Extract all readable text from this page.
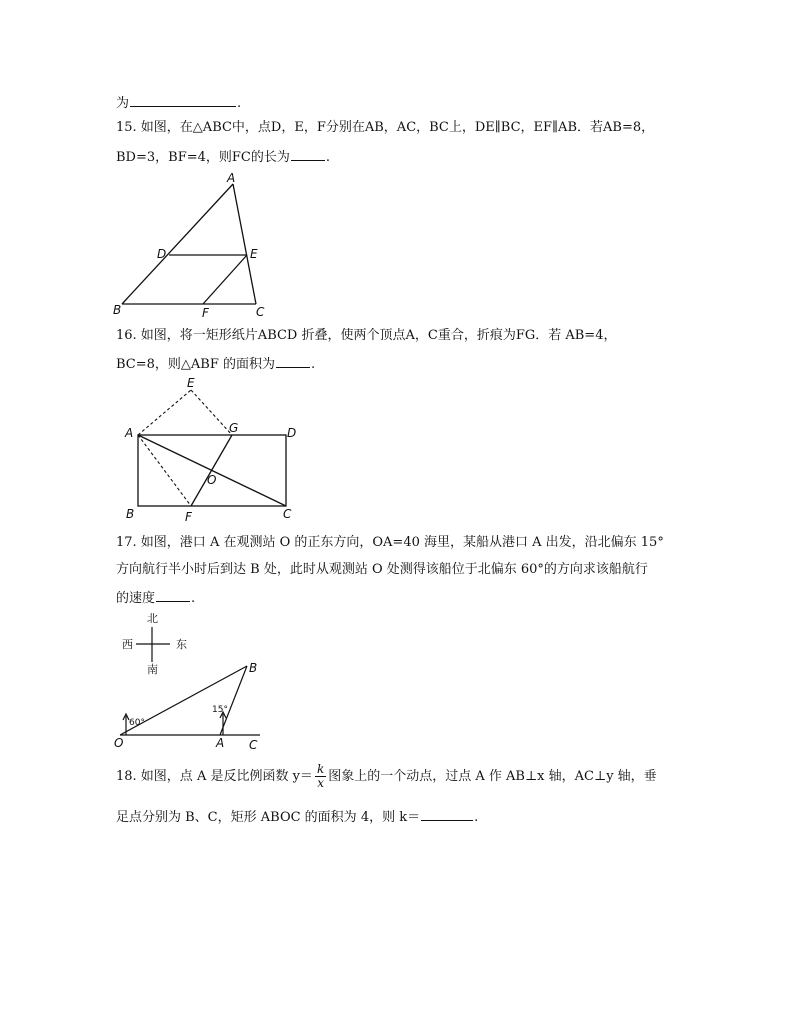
为	.
15. 如图，在△ABC中，点D，E，F分别在AB，AC，BC上，DE∥BC，EF∥AB．若AB=8，
BD=3，BF=4，则FC的长为	.
A
B	C
D	E
F
16. 如图，将一矩形纸片ABCD 折叠，使两个顶点A，C重合，折痕为FG．若 AB=4，
BC=8，则△ABF 的面积为	.
E
A	G	D
O
B	F	C
17. 如图，港口 A 在观测站 O 的正东方向，OA=40 海里，某船从港口 A 出发，沿北偏东 15°
方向航行半小时后到达 B 处，此时从观测站 O 处测得该船位于北偏东 60°的方向求该船航行
的速度	.
北
西	东
南
60°
15°
O	A
B
C
18. 如图，点 A 是反比例函数 $y= \frac{k}{x}$ 图象上的一个动点，过点 A 作 AB⊥x 轴，AC⊥y 轴，垂
足点分别为 B、C，矩形 ABOC 的面积为 4，则 k＝	.
